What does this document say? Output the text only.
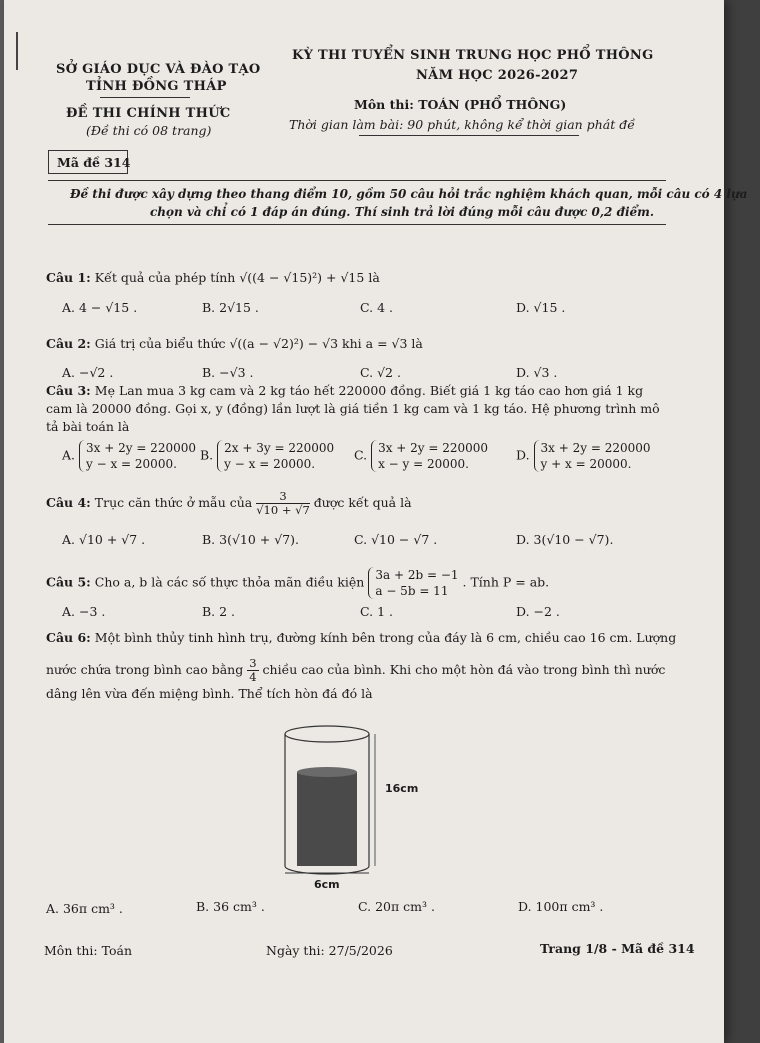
SỞ GIÁO DỤC VÀ ĐÀO TẠO
TỈNH ĐỒNG THÁP
ĐỀ THI CHÍNH THỨC
(Đề thi có 08 trang)
KỲ THI TUYỂN SINH TRUNG HỌC PHỔ THÔNG
NĂM HỌC 2026-2027
Môn thi: TOÁN (PHỔ THÔNG)
Thời gian làm bài: 90 phút, không kể thời gian phát đề
Mã đề 314
Đề thi được xây dựng theo thang điểm 10, gồm 50 câu hỏi trắc nghiệm khách quan, mỗi câu có 4 lựa
chọn và chỉ có 1 đáp án đúng. Thí sinh trả lời đúng mỗi câu được 0,2 điểm.
Câu 1: Kết quả của phép tính √((4 − √15)²) + √15 là
A. 4 − √15 .	B. 2√15 .	C. 4 .	D. √15 .
Câu 2: Giá trị của biểu thức √((a − √2)²) − √3 khi a = √3 là
A. −√2 .	B. −√3 .	C. √2 .	D. √3 .
Câu 3: Mẹ Lan mua 3 kg cam và 2 kg táo hết 220000 đồng. Biết giá 1 kg táo cao hơn giá 1 kg
cam là 20000 đồng. Gọi x, y (đồng) lần lượt là giá tiền 1 kg cam và 1 kg táo. Hệ phương trình mô
tả bài toán là
A. 3x + 2y = 220000
y − x = 20000.
B. 2x + 3y = 220000
y − x = 20000.
C. 3x + 2y = 220000
x − y = 20000.
D. 3x + 2y = 220000
y + x = 20000.
Câu 4: Trục căn thức ở mẫu của $\frac{3}{√10 + √7}$ được kết quả là
A. √10 + √7 .	B. 3(√10 + √7).	C. √10 − √7 .	D. 3(√10 − √7).
Câu 5: Cho a, b là các số thực thỏa mãn điều kiện 3a + 2b = −1
a − 5b = 11
. Tính P = ab.
A. −3 .	B. 2 .	C. 1 .	D. −2 .
Câu 6: Một bình thủy tinh hình trụ, đường kính bên trong của đáy là 6 cm, chiều cao 16 cm. Lượng
nước chứa trong bình cao bằng $\frac{3}{4}$ chiều cao của bình. Khi cho một hòn đá vào trong bình thì nước
dâng lên vừa đến miệng bình. Thể tích hòn đá đó là
16cm
6cm
A. 36π cm³ .	B. 36 cm³ .	C. 20π cm³ .	D. 100π cm³ .
Môn thi: Toán	Ngày thi: 27/5/2026	Trang 1/8 - Mã đề 314
